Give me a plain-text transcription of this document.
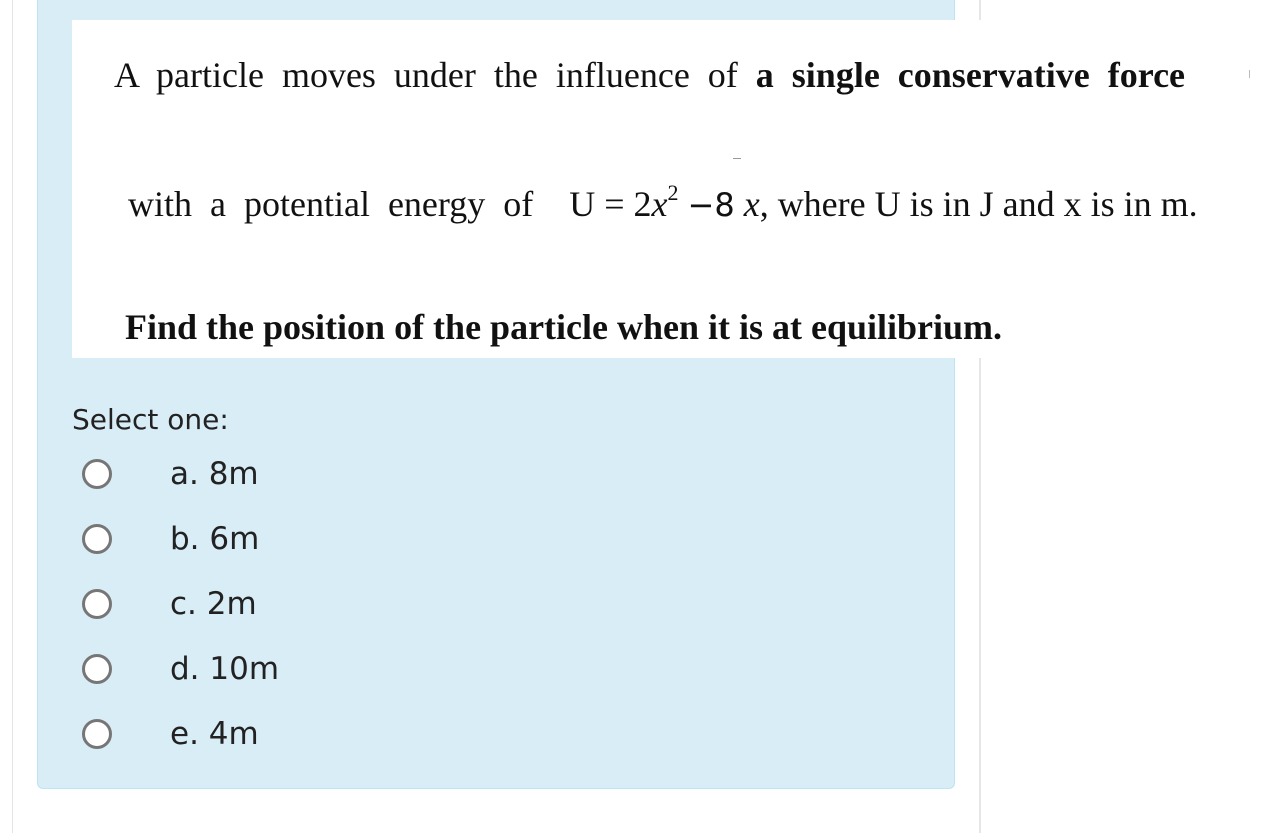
A particle moves under the influence of a single conservative force
with a potential energy of $U = 2x^2 -8$ x, where U is in J and x is in m.
Find the position of the particle when it is at equilibrium.
Select one:
a. 8m
b. 6m
c. 2m
d. 10m
e. 4m
